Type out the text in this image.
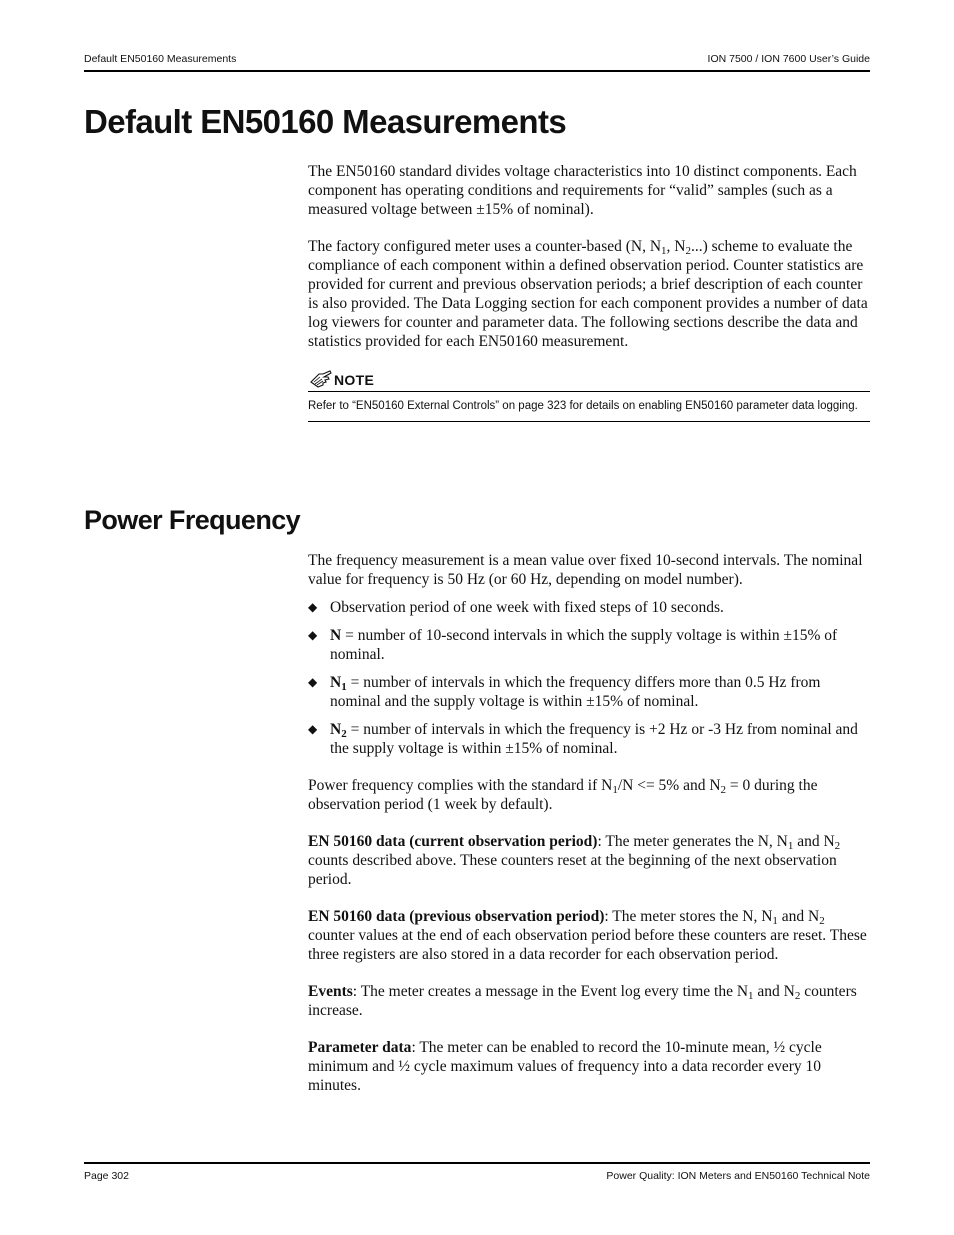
Default EN50160 Measurements	ION 7500 / ION 7600 User’s Guide
Default EN50160 Measurements

The EN50160 standard divides voltage characteristics into 10 distinct components. Each component has operating conditions and requirements for “valid” samples (such as a measured voltage between ±15% of nominal).

The factory configured meter uses a counter-based (N, $N_1$, $N_2$...) scheme to evaluate the compliance of each component within a defined observation period. Counter statistics are provided for current and previous observation periods; a brief description of each counter is also provided. The Data Logging section for each component provides a number of data log viewers for counter and parameter data. The following sections describe the data and statistics provided for each EN50160 measurement.

NOTE
Refer to “EN50160 External Controls” on page 323 for details on enabling EN50160 parameter data logging.
Power Frequency

The frequency measurement is a mean value over fixed 10-second intervals. The nominal value for frequency is 50 Hz (or 60 Hz, depending on model number).

◆ Observation period of one week with fixed steps of 10 seconds.
◆ N = number of 10-second intervals in which the supply voltage is within ±15% of nominal.
◆ $N_1$ = number of intervals in which the frequency differs more than 0.5 Hz from nominal and the supply voltage is within ±15% of nominal.
◆ $N_2$ = number of intervals in which the frequency is +2 Hz or -3 Hz from nominal and the supply voltage is within ±15% of nominal.

Power frequency complies with the standard if $N_1/N <= 5\%$ and $N_2 = 0$ during the observation period (1 week by default).

EN 50160 data (current observation period): The meter generates the N, $N_1$ and $N_2$ counts described above. These counters reset at the beginning of the next observation period.

EN 50160 data (previous observation period): The meter stores the N, $N_1$ and $N_2$ counter values at the end of each observation period before these counters are reset. These three registers are also stored in a data recorder for each observation period.

Events: The meter creates a message in the Event log every time the $N_1$ and $N_2$ counters increase.

Parameter data: The meter can be enabled to record the 10-minute mean, ½ cycle minimum and ½ cycle maximum values of frequency into a data recorder every 10 minutes.

Page 302	Power Quality: ION Meters and EN50160 Technical Note
